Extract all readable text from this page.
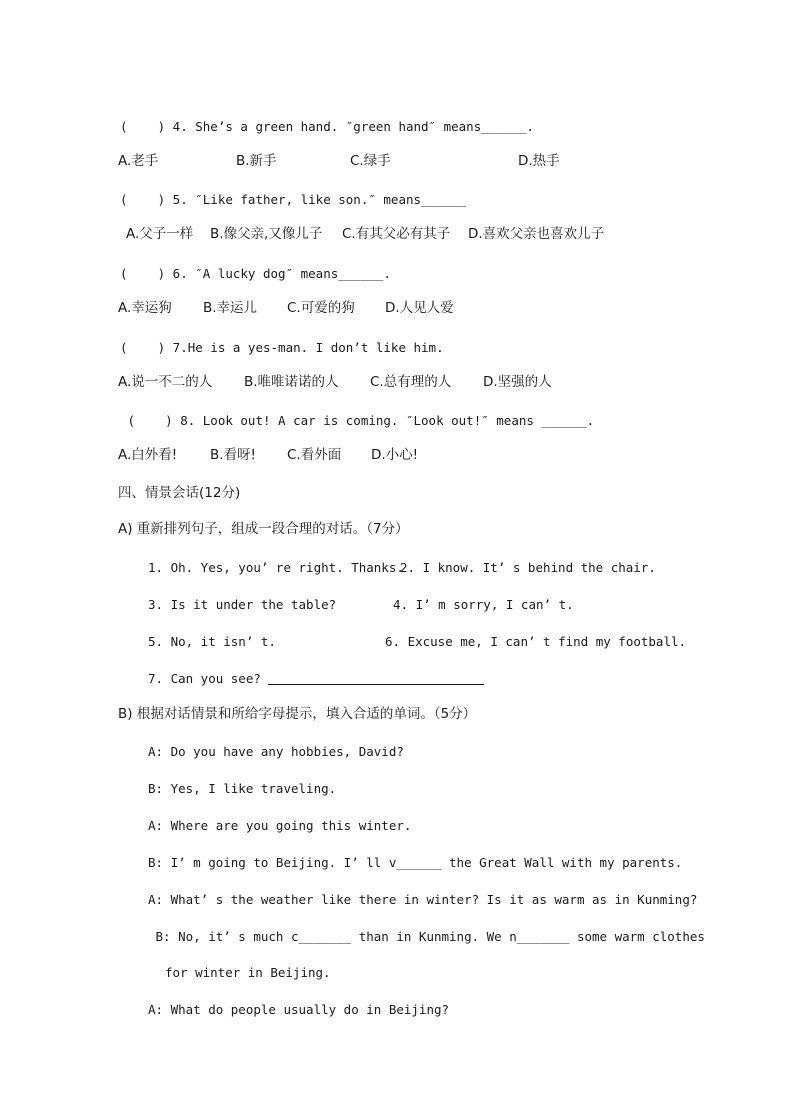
(    ) 4. She’s a green hand. ″green hand″ means______.
A.老手	B.新手	C.绿手	D.热手
(    ) 5. ″Like father, like son.″ means______
A.父子一样 B.像父亲,又像儿子 C.有其父必有其子 D.喜欢父亲也喜欢儿子
(    ) 6. ″A lucky dog″ means______.
A.幸运狗 B.幸运儿 C.可爱的狗 D.人见人爱
(    ) 7.He is a yes-man. I don’t like him.
A.说一不二的人 B.唯唯诺诺的人 C.总有理的人 D.坚强的人
(    ) 8. Look out! A car is coming. ″Look out!″ means ______.
A.白外看! B.看呀! C.看外面 D.小心!
四、情景会话(12分)
A) 重新排列句子，组成一段合理的对话。（7分）
1. Oh. Yes, you’ re right. Thanks.
2. I know. It’ s behind the chair.
3. Is it under the table?	4. I’ m sorry, I can’ t.
5. No, it isn’ t.	6. Excuse me, I can’ t find my football.
7. Can you see?
B) 根据对话情景和所给字母提示，填入合适的单词。（5分）
A: Do you have any hobbies, David?
B: Yes, I like traveling.
A: Where are you going this winter.
B: I’ m going to Beijing. I’ ll v______ the Great Wall with my parents.
A: What’ s the weather like there in winter? Is it as warm as in Kunming?
B: No, it’ s much c_______ than in Kunming. We n_______ some warm clothes
for winter in Beijing.
A: What do people usually do in Beijing?
